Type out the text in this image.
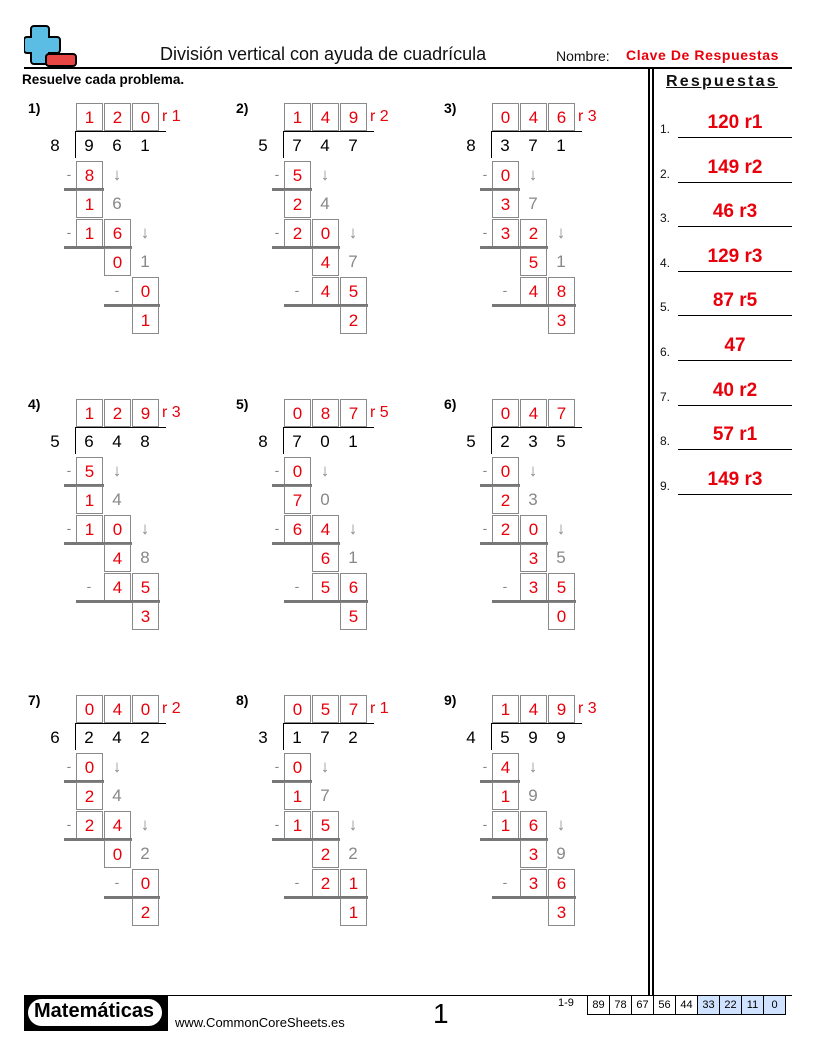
División vertical con ayuda de cuadrícula	Nombre: Clave De Respuestas
Resuelve cada problema.	Respuestas
1.	120 r1
2.	149 r2
3.	46 r3
4.	129 r3
5.	87 r5
6.	47
7.	40 r2
8.	57 r1
9.	149 r3
1)	1	2	0 r 1
8	9	6	1
- 8	↓
1	6
- 1	6	↓
0	1
-	0
1
2)	1	4	9 r 2
5	7	4	7
- 5	↓
2	4
- 2	0	↓
4	7
-	4	5
2
3)	0	4	6 r 3
8	3	7	1
- 0	↓
3	7
- 3	2	↓
5	1
-	4	8
3
4)	1	2	9 r 3
5	6	4	8
- 5	↓
1	4
- 1	0	↓
4	8
-	4	5
3
5)	0	8	7 r 5
8	7	0	1
- 0	↓
7	0
- 6	4	↓
6	1
-	5	6
5
6)	0	4	7
5	2	3	5
- 0	↓
2	3
- 2	0	↓
3	5
-	3	5
0
7)	0	4	0 r 2
6	2	4	2
- 0	↓
2	4
- 2	4	↓
0	2
-	0
2
8)	0	5	7 r 1
3	1	7	2
- 0	↓
1	7
- 1	5	↓
2	2
-	2	1
1
9)	1	4	9 r 3
4	5	9	9
- 4	↓
1	9
- 1	6	↓
3	9
-	3	6
3
Matemáticas
www.CommonCoreSheets.es	1	1-9	89 78 67 56 44 33 22 11	0
